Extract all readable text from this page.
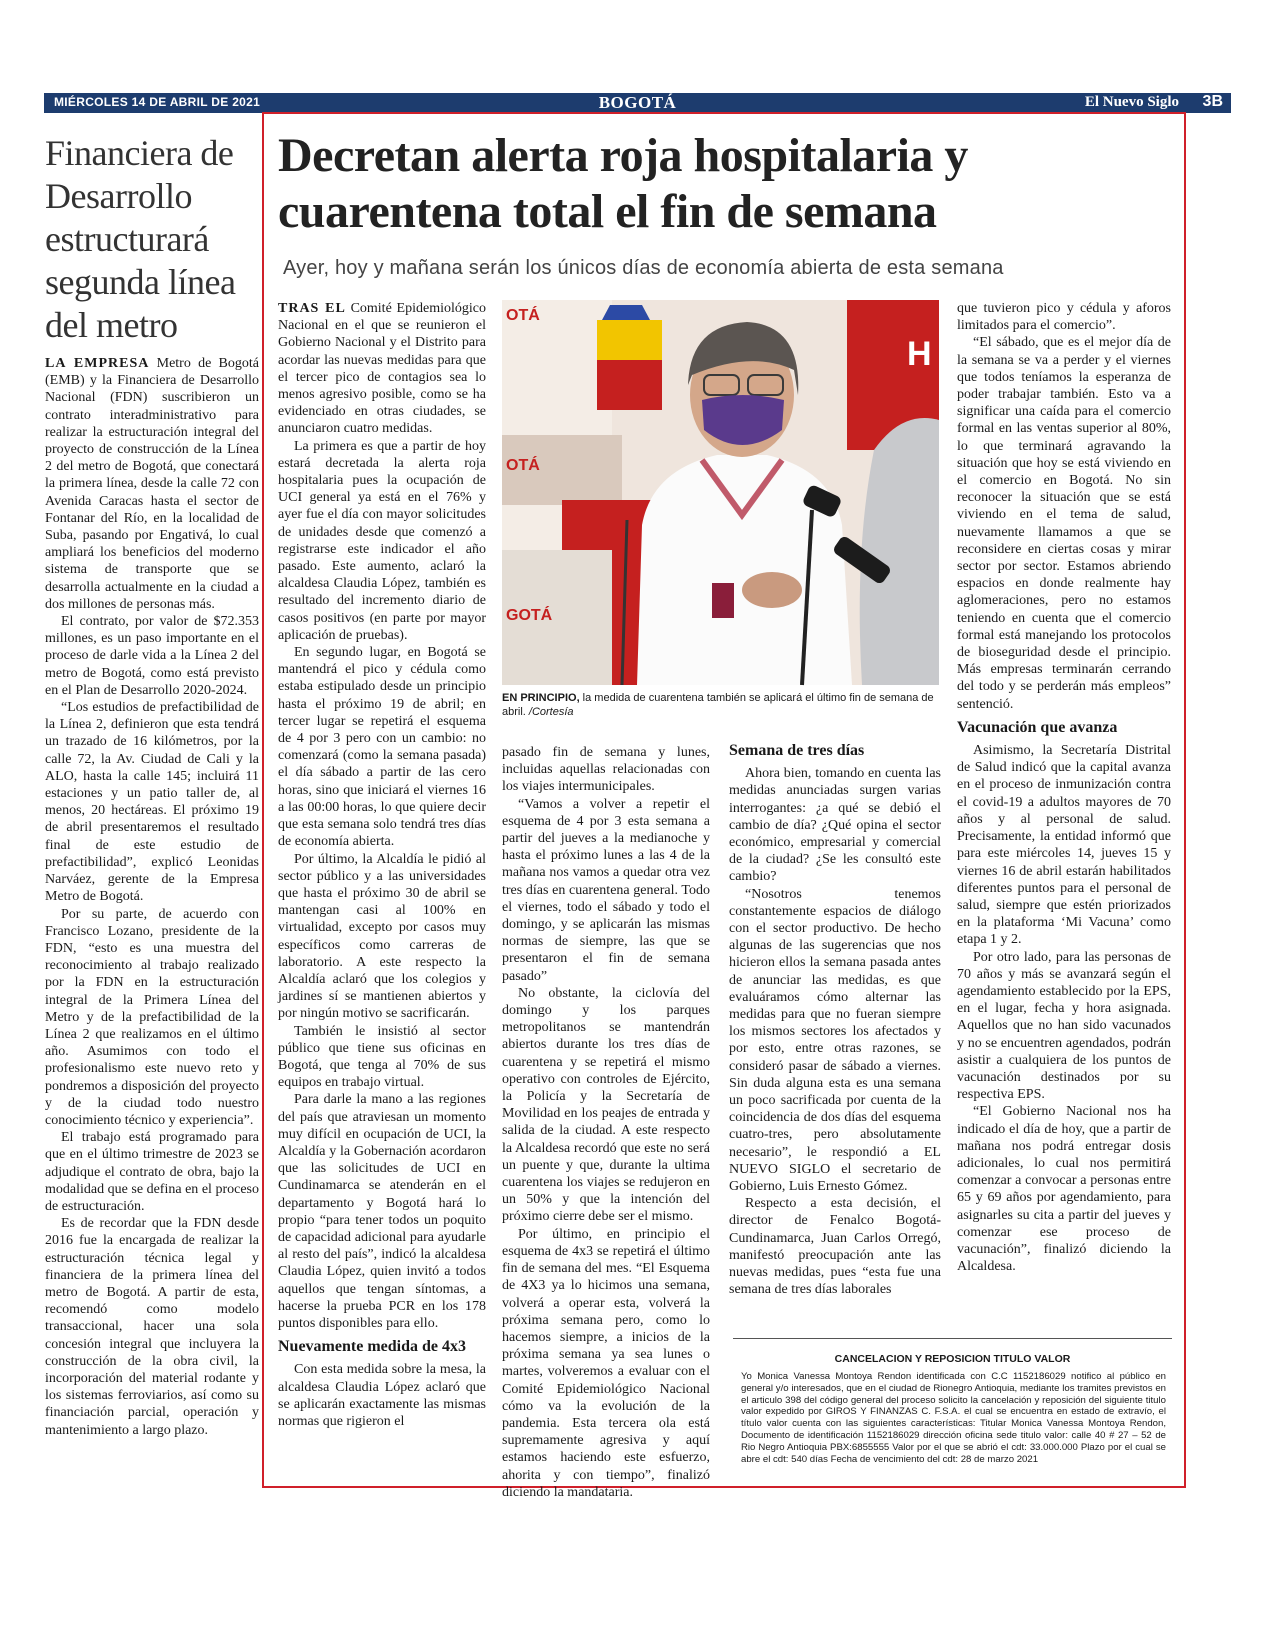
MIÉRCOLES 14 DE ABRIL DE 2021	BOGOTÁ	El Nuevo Siglo 3B
Financiera de Desarrollo estructurará segunda línea del metro

LA EMPRESA Metro de Bogotá (EMB) y la Financiera de Desarrollo Nacional (FDN) suscribieron un contrato interadministrativo para realizar la estructuración integral del proyecto de construcción de la Línea 2 del metro de Bogotá, que conectará la primera línea, desde la calle 72 con Avenida Caracas hasta el sector de Fontanar del Río, en la localidad de Suba, pasando por Engativá, lo cual ampliará los beneficios del moderno sistema de transporte que se desarrolla actualmente en la ciudad a dos millones de personas más.

El contrato, por valor de $72.353 millones, es un paso importante en el proceso de darle vida a la Línea 2 del metro de Bogotá, como está previsto en el Plan de Desarrollo 2020-2024.

“Los estudios de prefactibilidad de la Línea 2, definieron que esta tendrá un trazado de 16 kilómetros, por la calle 72, la Av. Ciudad de Cali y la ALO, hasta la calle 145; incluirá 11 estaciones y un patio taller de, al menos, 20 hectáreas. El próximo 19 de abril presentaremos el resultado final de este estudio de prefactibilidad”, explicó Leonidas Narváez, gerente de la Empresa Metro de Bogotá.

Por su parte, de acuerdo con Francisco Lozano, presidente de la FDN, “esto es una muestra del reconocimiento al trabajo realizado por la FDN en la estructuración integral de la Primera Línea del Metro y de la prefactibilidad de la Línea 2 que realizamos en el último año. Asumimos con todo el profesionalismo este nuevo reto y pondremos a disposición del proyecto y de la ciudad todo nuestro conocimiento técnico y experiencia”.

El trabajo está programado para que en el último trimestre de 2023 se adjudique el contrato de obra, bajo la modalidad que se defina en el proceso de estructuración.

Es de recordar que la FDN desde 2016 fue la encargada de realizar la estructuración técnica legal y financiera de la primera línea del metro de Bogotá. A partir de esta, recomendó como modelo transaccional, hacer una sola concesión integral que incluyera la construcción de la obra civil, la incorporación del material rodante y los sistemas ferroviarios, así como su financiación parcial, operación y mantenimiento a largo plazo.

Decretan alerta roja hospitalaria y cuarentena total el fin de semana
Ayer, hoy y mañana serán los únicos días de economía abierta de esta semana
OTÁ
OTÁ
GOTÁ
H
EN PRINCIPIO, la medida de cuarentena también se aplicará el último fin de semana de abril. /Cortesía

TRAS EL Comité Epidemiológico Nacional en el que se reunieron el Gobierno Nacional y el Distrito para acordar las nuevas medidas para que el tercer pico de contagios sea lo menos agresivo posible, como se ha evidenciado en otras ciudades, se anunciaron cuatro medidas.

La primera es que a partir de hoy estará decretada la alerta roja hospitalaria pues la ocupación de UCI general ya está en el 76% y ayer fue el día con mayor solicitudes de unidades desde que comenzó a registrarse este indicador el año pasado. Este aumento, aclaró la alcaldesa Claudia López, también es resultado del incremento diario de casos positivos (en parte por mayor aplicación de pruebas).

En segundo lugar, en Bogotá se mantendrá el pico y cédula como estaba estipulado desde un principio hasta el próximo 19 de abril; en tercer lugar se repetirá el esquema de 4 por 3 pero con un cambio: no comenzará (como la semana pasada) el día sábado a partir de las cero horas, sino que iniciará el viernes 16 a las 00:00 horas, lo que quiere decir que esta semana solo tendrá tres días de economía abierta.

Por último, la Alcaldía le pidió al sector público y a las universidades que hasta el próximo 30 de abril se mantengan casi al 100% en virtualidad, excepto por casos muy específicos como carreras de laboratorio. A este respecto la Alcaldía aclaró que los colegios y jardines sí se mantienen abiertos y por ningún motivo se sacrificarán.

También le insistió al sector público que tiene sus oficinas en Bogotá, que tenga al 70% de sus equipos en trabajo virtual.

Para darle la mano a las regiones del país que atraviesan un momento muy difícil en ocupación de UCI, la Alcaldía y la Gobernación acordaron que las solicitudes de UCI en Cundinamarca se atenderán en el departamento y Bogotá hará lo propio “para tener todos un poquito de capacidad adicional para ayudarle al resto del país”, indicó la alcaldesa Claudia López, quien invitó a todos aquellos que tengan síntomas, a hacerse la prueba PCR en los 178 puntos disponibles para ello.

Nuevamente medida de 4x3

Con esta medida sobre la mesa, la alcaldesa Claudia López aclaró que se aplicarán exactamente las mismas normas que rigieron el

pasado fin de semana y lunes, incluidas aquellas relacionadas con los viajes intermunicipales.

“Vamos a volver a repetir el esquema de 4 por 3 esta semana a partir del jueves a la medianoche y hasta el próximo lunes a las 4 de la mañana nos vamos a quedar otra vez tres días en cuarentena general. Todo el viernes, todo el sábado y todo el domingo, y se aplicarán las mismas normas de siempre, las que se presentaron el fin de semana pasado”

No obstante, la ciclovía del domingo y los parques metropolitanos se mantendrán abiertos durante los tres días de cuarentena y se repetirá el mismo operativo con controles de Ejército, la Policía y la Secretaría de Movilidad en los peajes de entrada y salida de la ciudad. A este respecto la Alcaldesa recordó que este no será un puente y que, durante la ultima cuarentena los viajes se redujeron en un 50% y que la intención del próximo cierre debe ser el mismo.

Por último, en principio el esquema de 4x3 se repetirá el último fin de semana del mes. “El Esquema de 4X3 ya lo hicimos una semana, volverá a operar esta, volverá la próxima semana pero, como lo hacemos siempre, a inicios de la próxima semana ya sea lunes o martes, volveremos a evaluar con el Comité Epidemiológico Nacional cómo va la evolución de la pandemia. Esta tercera ola está supremamente agresiva y aquí estamos haciendo este esfuerzo, ahorita y con tiempo”, finalizó diciendo la mandataria.

Semana de tres días

Ahora bien, tomando en cuenta las medidas anunciadas surgen varias interrogantes: ¿a qué se debió el cambio de día? ¿Qué opina el sector económico, empresarial y comercial de la ciudad? ¿Se les consultó este cambio?

“Nosotros tenemos constantemente espacios de diálogo con el sector productivo. De hecho algunas de las sugerencias que nos hicieron ellos la semana pasada antes de anunciar las medidas, es que evaluáramos cómo alternar las medidas para que no fueran siempre los mismos sectores los afectados y por esto, entre otras razones, se consideró pasar de sábado a viernes. Sin duda alguna esta es una semana un poco sacrificada por cuenta de la coincidencia de dos días del esquema cuatro-tres, pero absolutamente necesario”, le respondió a EL NUEVO SIGLO el secretario de Gobierno, Luis Ernesto Gómez.

Respecto a esta decisión, el director de Fenalco Bogotá-Cundinamarca, Juan Carlos Orregó, manifestó preocupación ante las nuevas medidas, pues “esta fue una semana de tres días laborales

que tuvieron pico y cédula y aforos limitados para el comercio”.

“El sábado, que es el mejor día de la semana se va a perder y el viernes que todos teníamos la esperanza de poder trabajar también. Esto va a significar una caída para el comercio formal en las ventas superior al 80%, lo que terminará agravando la situación que hoy se está viviendo en el comercio en Bogotá. No sin reconocer la situación que se está viviendo en el tema de salud, nuevamente llamamos a que se reconsidere en ciertas cosas y mirar sector por sector. Estamos abriendo espacios en donde realmente hay aglomeraciones, pero no estamos teniendo en cuenta que el comercio formal está manejando los protocolos de bioseguridad desde el principio. Más empresas terminarán cerrando del todo y se perderán más empleos” sentenció.

Vacunación que avanza

Asimismo, la Secretaría Distrital de Salud indicó que la capital avanza en el proceso de inmunización contra el covid-19 a adultos mayores de 70 años y al personal de salud. Precisamente, la entidad informó que para este miércoles 14, jueves 15 y viernes 16 de abril estarán habilitados diferentes puntos para el personal de salud, siempre que estén priorizados en la plataforma ‘Mi Vacuna’ como etapa 1 y 2.

Por otro lado, para las personas de 70 años y más se avanzará según el agendamiento establecido por la EPS, en el lugar, fecha y hora asignada. Aquellos que no han sido vacunados y no se encuentren agendados, podrán asistir a cualquiera de los puntos de vacunación destinados por su respectiva EPS.

“El Gobierno Nacional nos ha indicado el día de hoy, que a partir de mañana nos podrá entregar dosis adicionales, lo cual nos permitirá comenzar a convocar a personas entre 65 y 69 años por agendamiento, para asignarles su cita a partir del jueves y comenzar ese proceso de vacunación”, finalizó diciendo la Alcaldesa.

CANCELACION Y REPOSICION TITULO VALOR
Yo Monica Vanessa Montoya Rendon identificada con C.C 1152186029 notifico al público en general y/o interesados, que en el ciudad de Rionegro Antioquia, mediante los tramites previstos en el articulo 398 del código general del proceso solicito la cancelación y reposición del siguiente titulo valor expedido por GIROS Y FINANZAS C. F.S.A. el cual se encuentra en estado de extravío, el título valor cuenta con las siguientes características: Titular Monica Vanessa Montoya Rendon, Documento de identificación 1152186029 dirección oficina sede titulo valor: calle 40 # 27 – 52 de Rio Negro Antioquia PBX:6855555 Valor por el que se abrió el cdt: 33.000.000 Plazo por el cual se abre el cdt: 540 días Fecha de vencimiento del cdt: 28 de marzo 2021
